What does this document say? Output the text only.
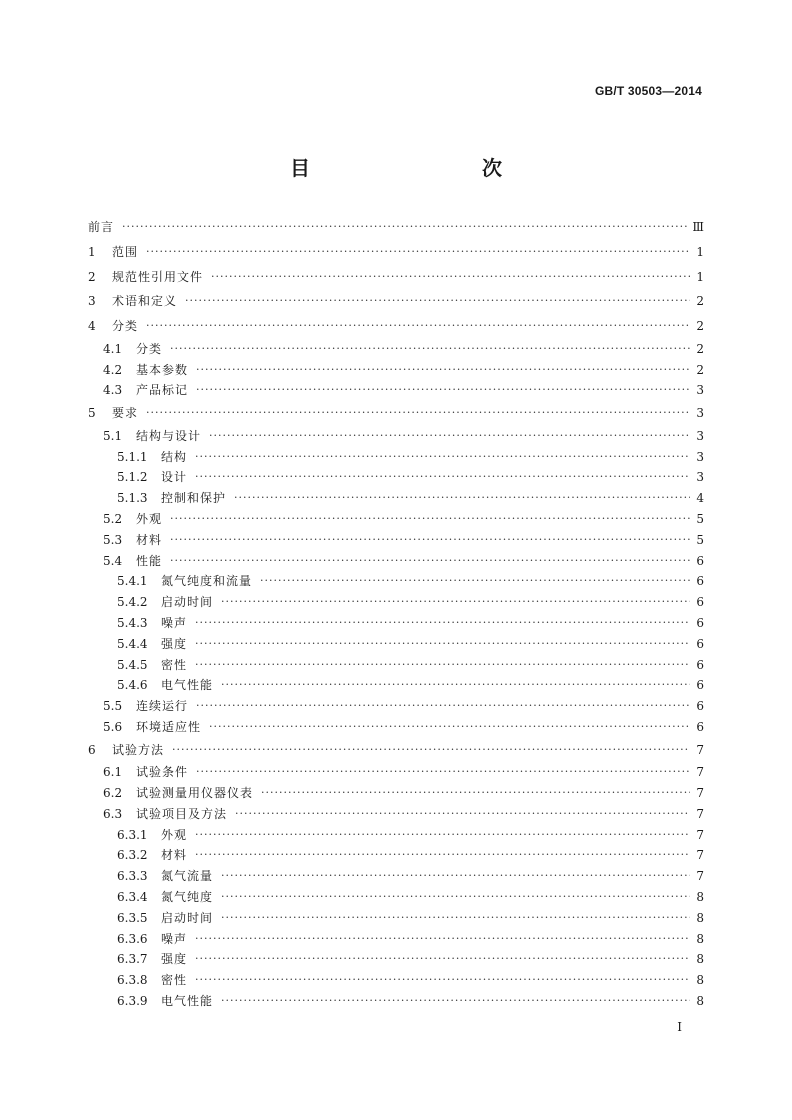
GB/T 30503—2014
目　　次
前言 ·····	Ⅲ
1	范围 ·····	1
2	规范性引用文件 ·····	1
3	术语和定义 ·····	2
4	分类 ·····	2
4.1	分类 ·····	2
4.2	基本参数 ·····	2
4.3	产品标记 ·····	3
5	要求 ·····	3
5.1	结构与设计 ·····	3
5.1.1	结构 ·····	3
5.1.2	设计 ·····	3
5.1.3	控制和保护 ·····	4
5.2	外观 ·····	5
5.3	材料 ·····	5
5.4	性能 ·····	6
5.4.1	氮气纯度和流量 ·····	6
5.4.2	启动时间 ·····	6
5.4.3	噪声 ·····	6
5.4.4	强度 ·····	6
5.4.5	密性 ·····	6
5.4.6	电气性能 ·····	6
5.5	连续运行 ·····	6
5.6	环境适应性 ·····	6
6	试验方法 ·····	7
6.1	试验条件 ·····	7
6.2	试验测量用仪器仪表 ·····	7
6.3	试验项目及方法 ·····	7
6.3.1	外观 ·····	7
6.3.2	材料 ·····	7
6.3.3	氮气流量 ·····	7
6.3.4	氮气纯度 ·····	8
6.3.5	启动时间 ·····	8
6.3.6	噪声 ·····	8
6.3.7	强度 ·····	8
6.3.8	密性 ·····	8
6.3.9	电气性能 ·····	8
I
